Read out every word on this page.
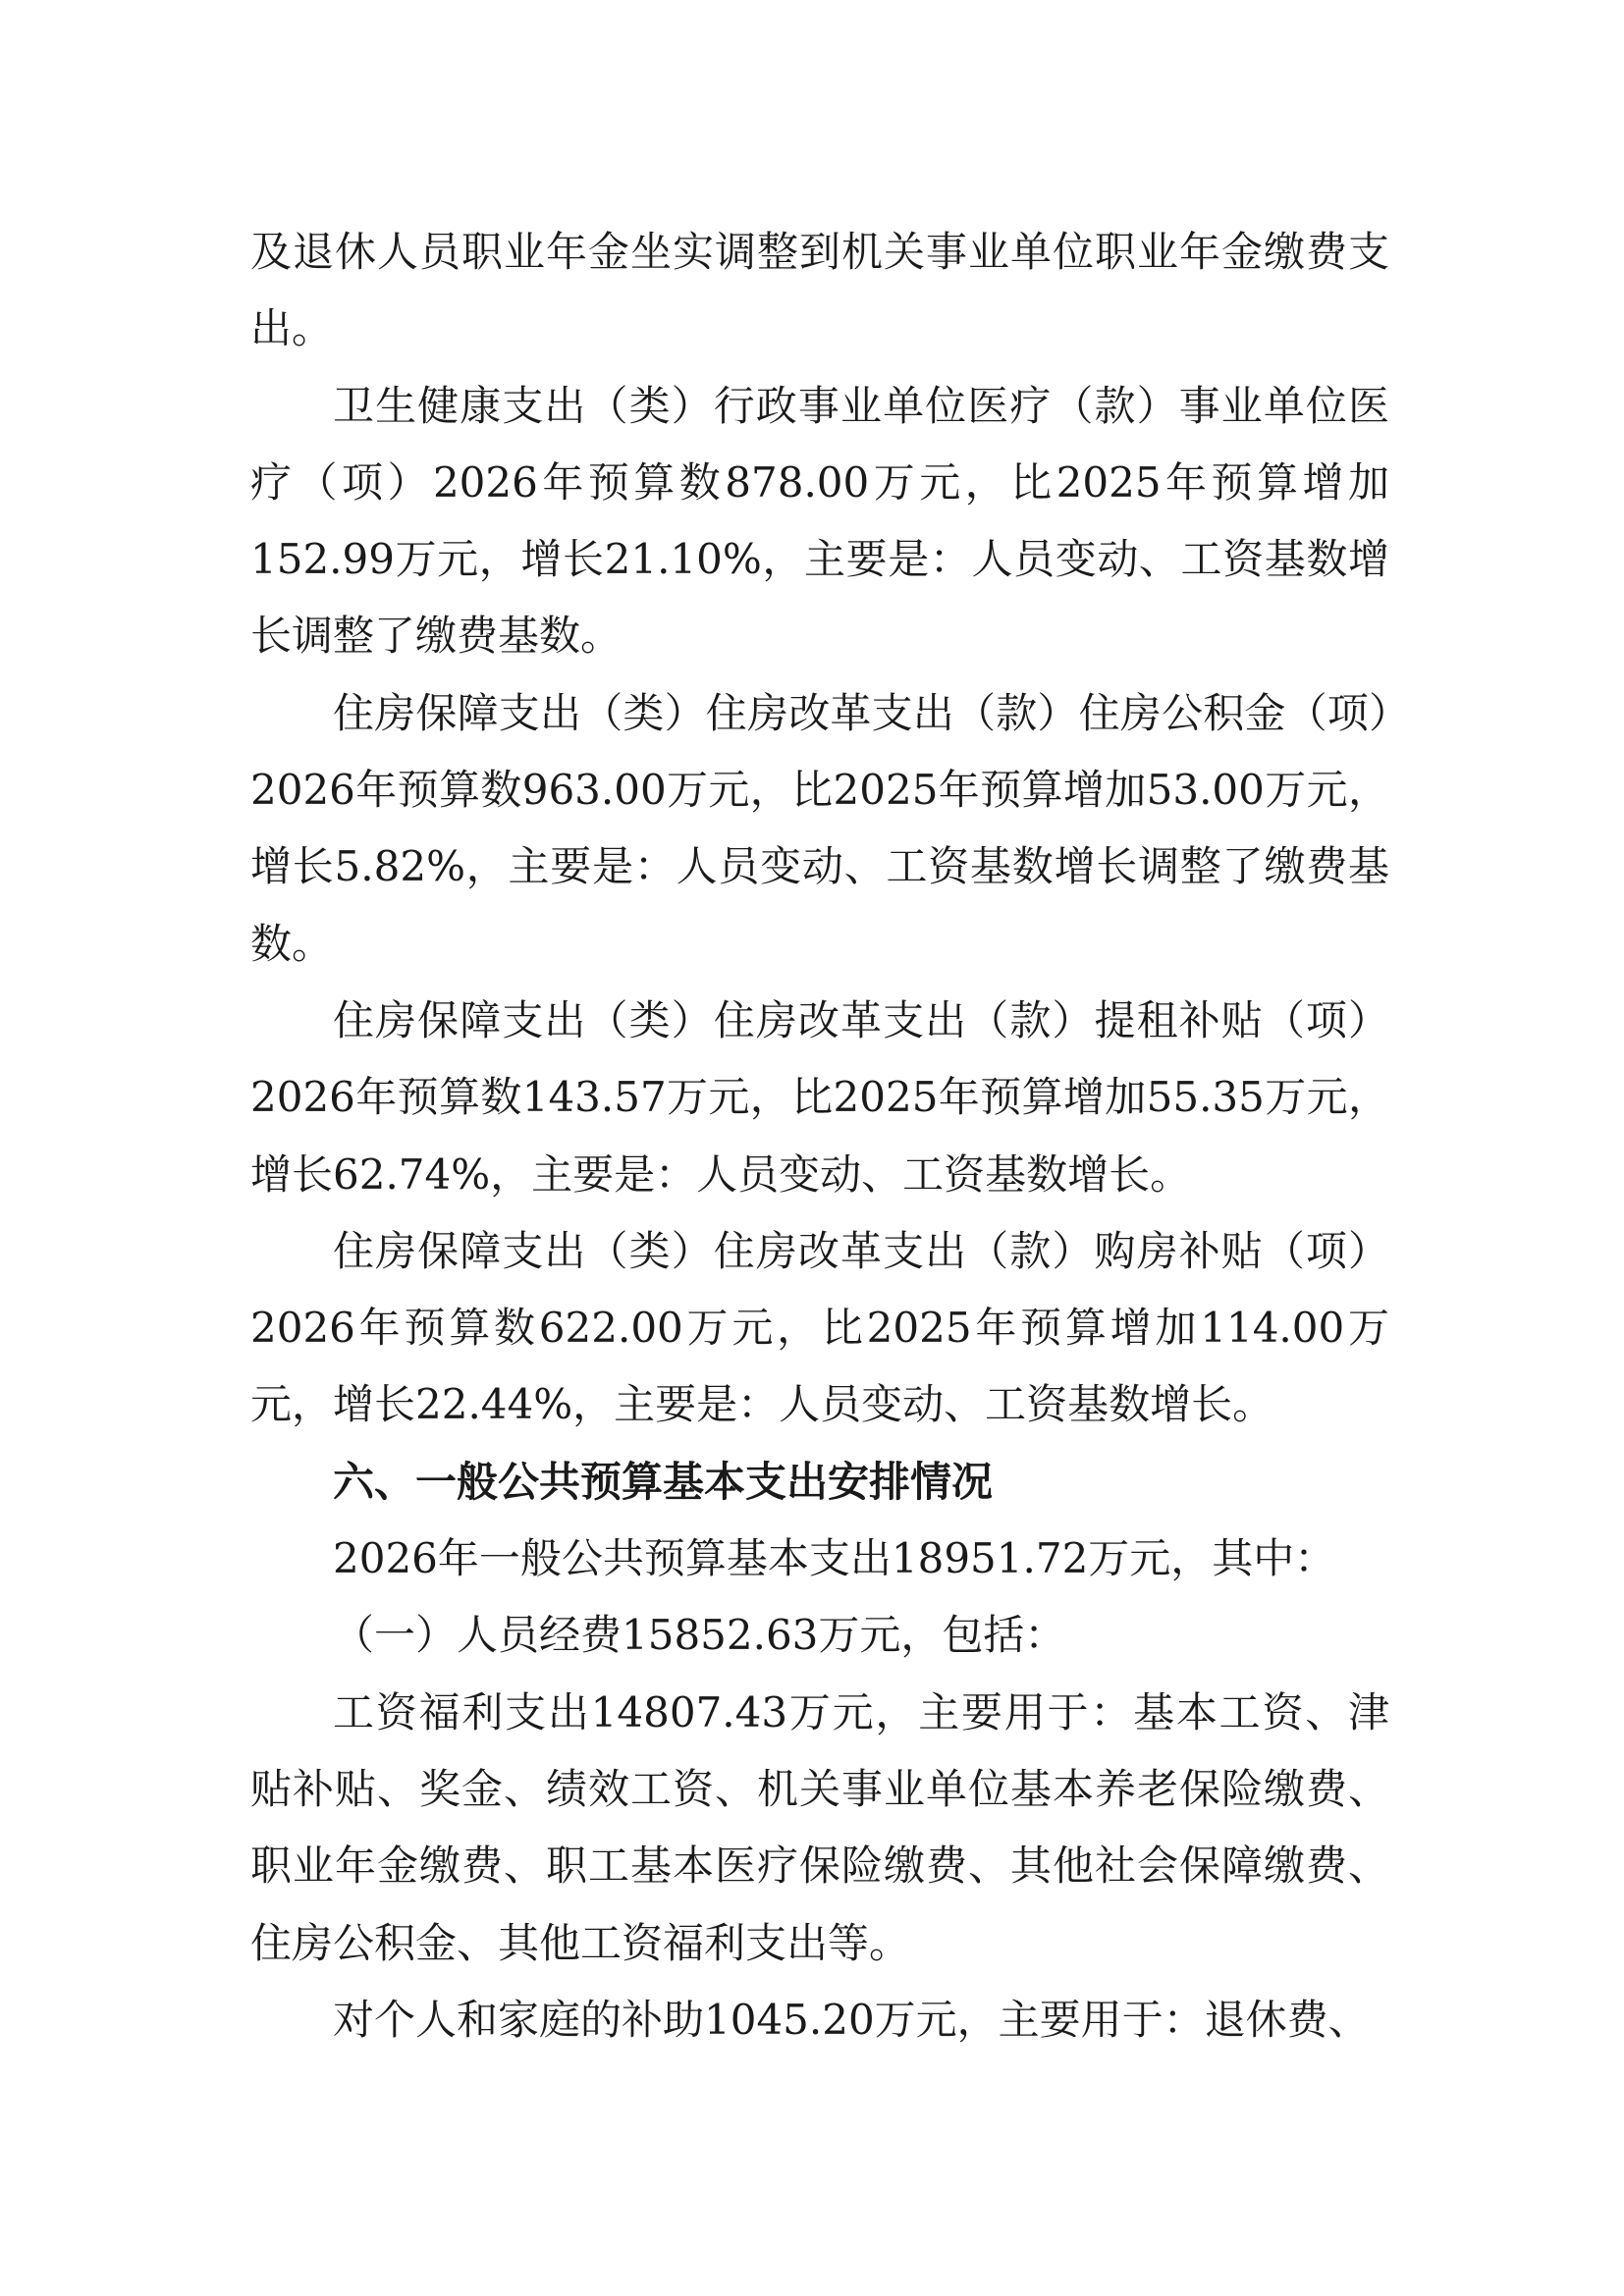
及退休人员职业年金坐实调整到机关事业单位职业年金缴费支出。

卫生健康支出（类）行政事业单位医疗（款）事业单位医疗（项）2026年预算数878.00万元，比2025年预算增加152.99万元，增长21.10%，主要是：人员变动、工资基数增长调整了缴费基数。

住房保障支出（类）住房改革支出（款）住房公积金（项）2026年预算数963.00万元，比2025年预算增加53.00万元，增长5.82%，主要是：人员变动、工资基数增长调整了缴费基数。

住房保障支出（类）住房改革支出（款）提租补贴（项）2026年预算数143.57万元，比2025年预算增加55.35万元，增长62.74%，主要是：人员变动、工资基数增长。

住房保障支出（类）住房改革支出（款）购房补贴（项）2026年预算数622.00万元，比2025年预算增加114.00万元，增长22.44%，主要是：人员变动、工资基数增长。

六、一般公共预算基本支出安排情况

2026年一般公共预算基本支出18951.72万元，其中：

（一）人员经费15852.63万元，包括：

工资福利支出14807.43万元，主要用于：基本工资、津贴补贴、奖金、绩效工资、机关事业单位基本养老保险缴费、职业年金缴费、职工基本医疗保险缴费、其他社会保障缴费、住房公积金、其他工资福利支出等。

对个人和家庭的补助1045.20万元，主要用于：退休费、
